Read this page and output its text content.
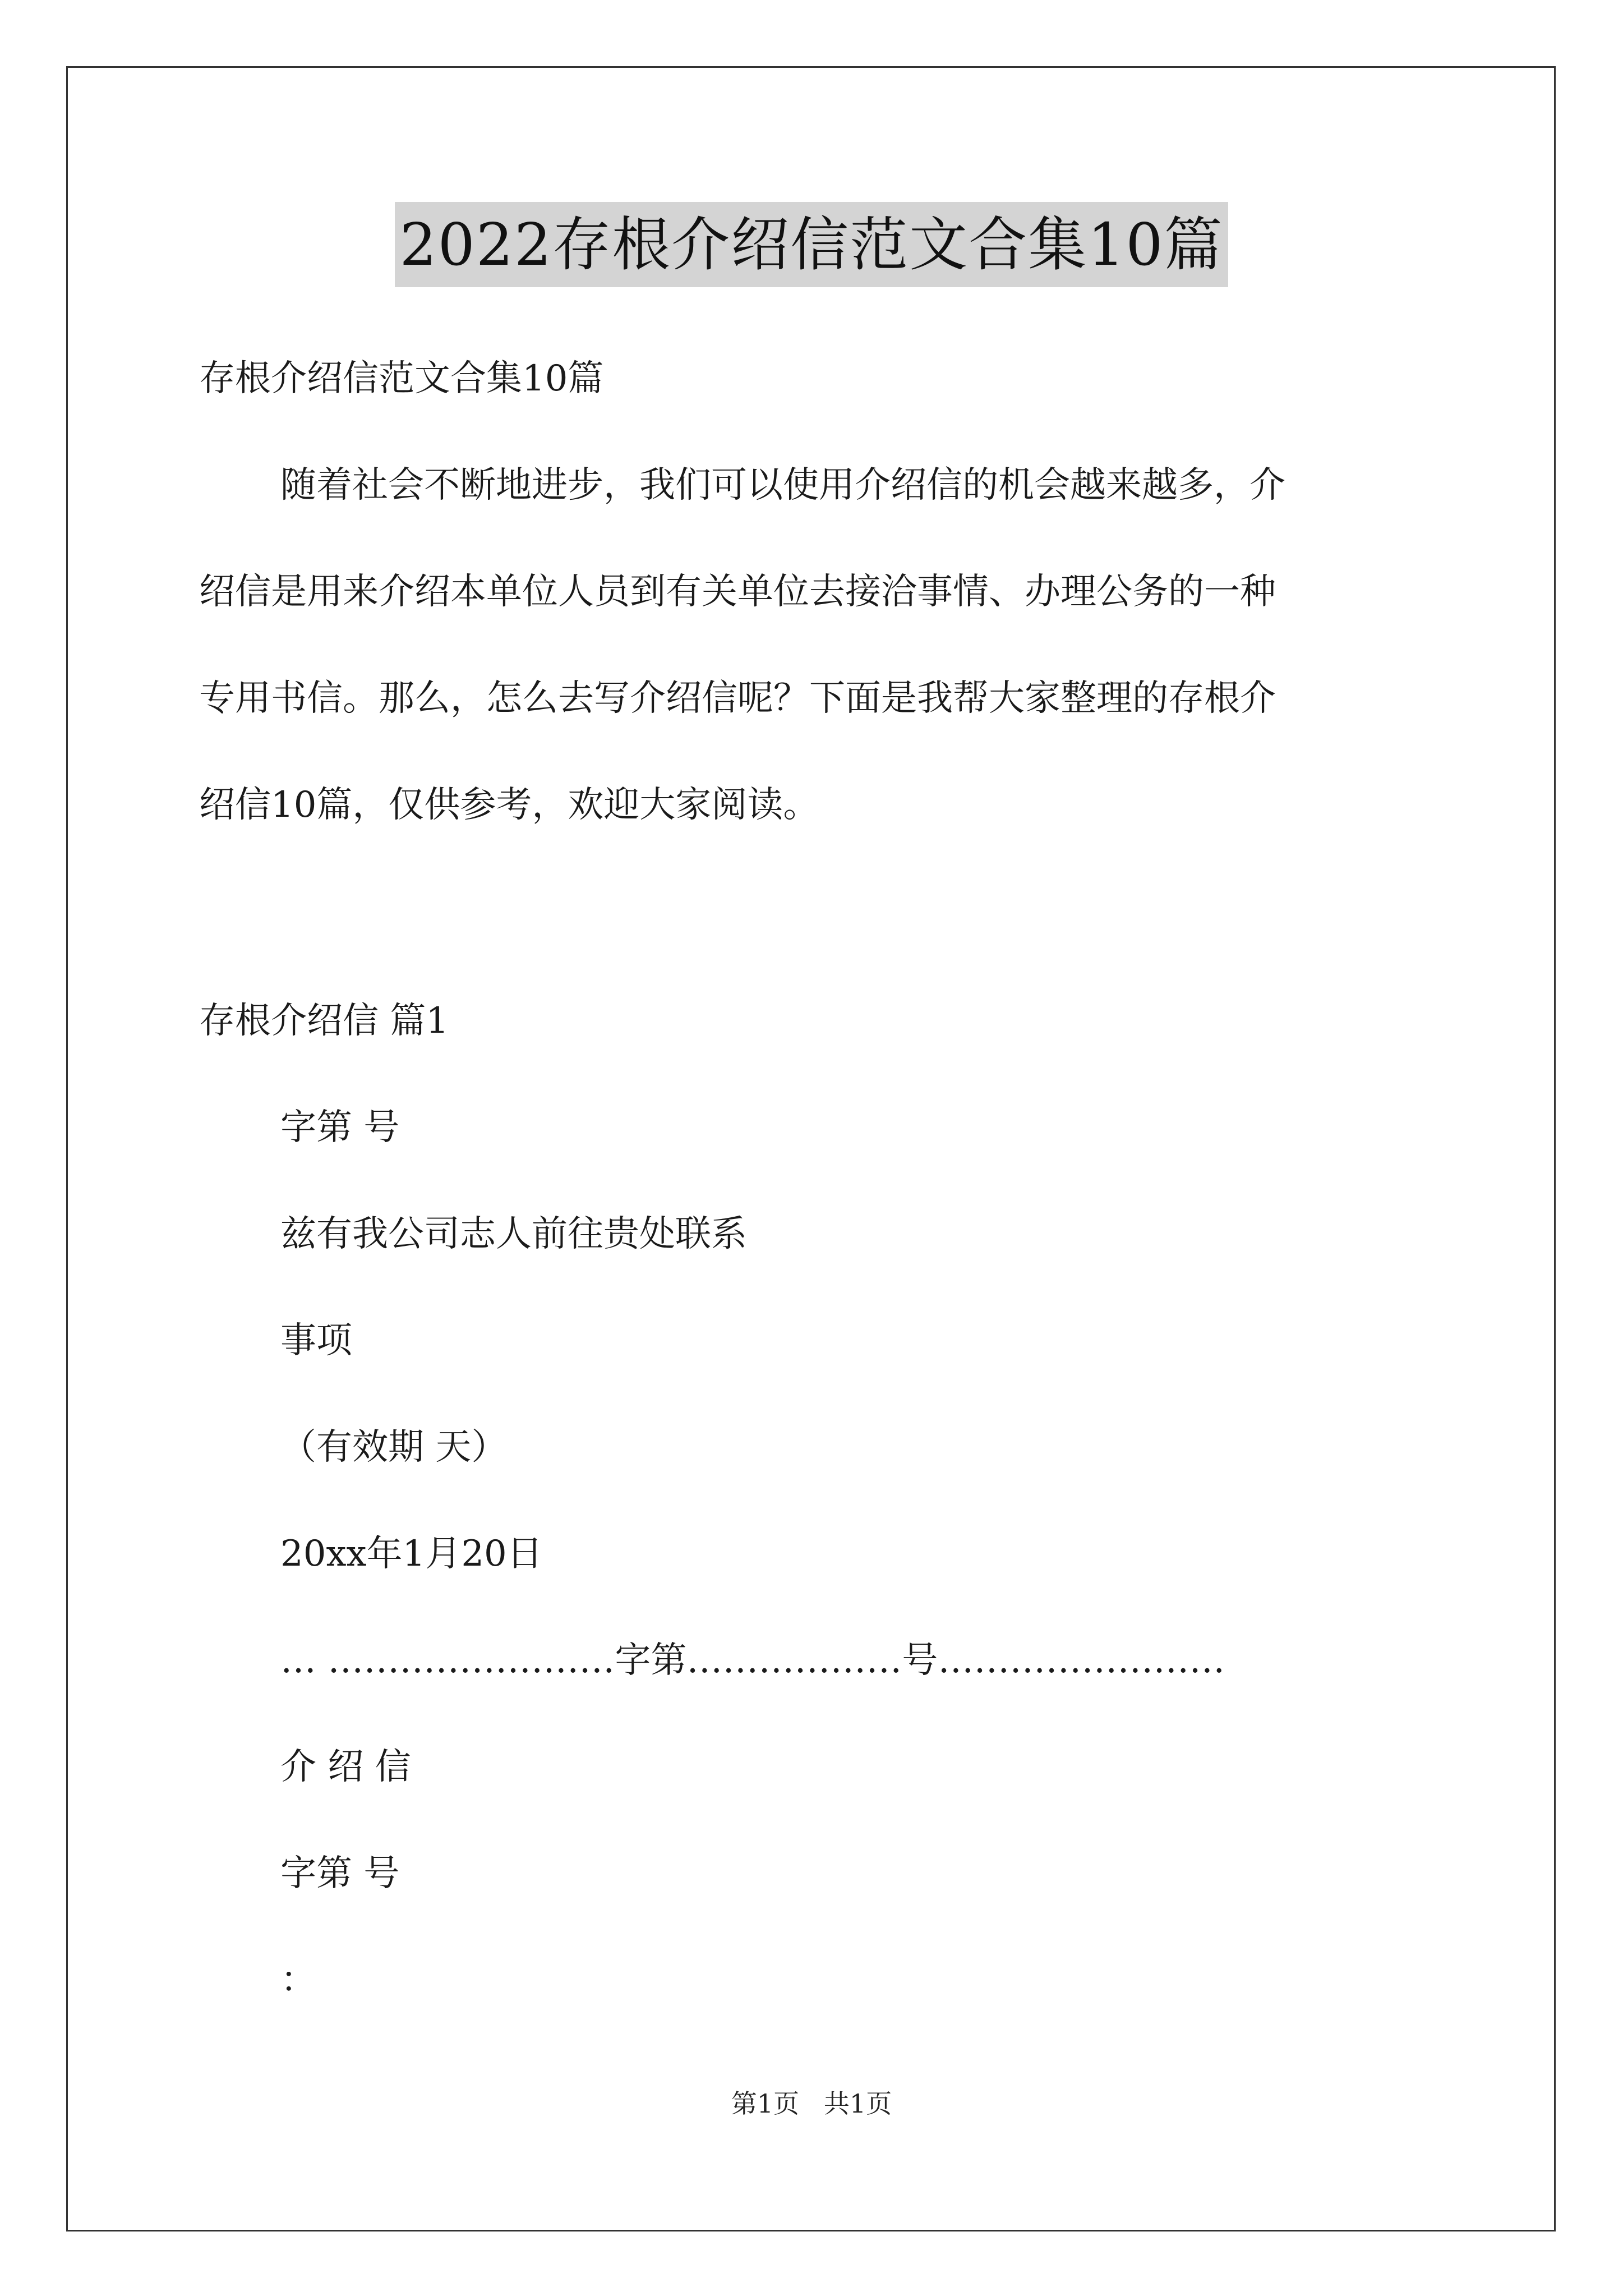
2022存根介绍信范文合集10篇
存根介绍信范文合集10篇
随着社会不断地进步，我们可以使用介绍信的机会越来越多，介
绍信是用来介绍本单位人员到有关单位去接洽事情、办理公务的一种
专用书信。那么，怎么去写介绍信呢？下面是我帮大家整理的存根介
绍信10篇，仅供参考，欢迎大家阅读。
存根介绍信 篇1
字第 号
兹有我公司志人前往贵处联系
事项
（有效期 天）
20xx年1月20日
… ……………………字第………………号……………………
介 绍 信
字第 号
：
第1页   共1页
